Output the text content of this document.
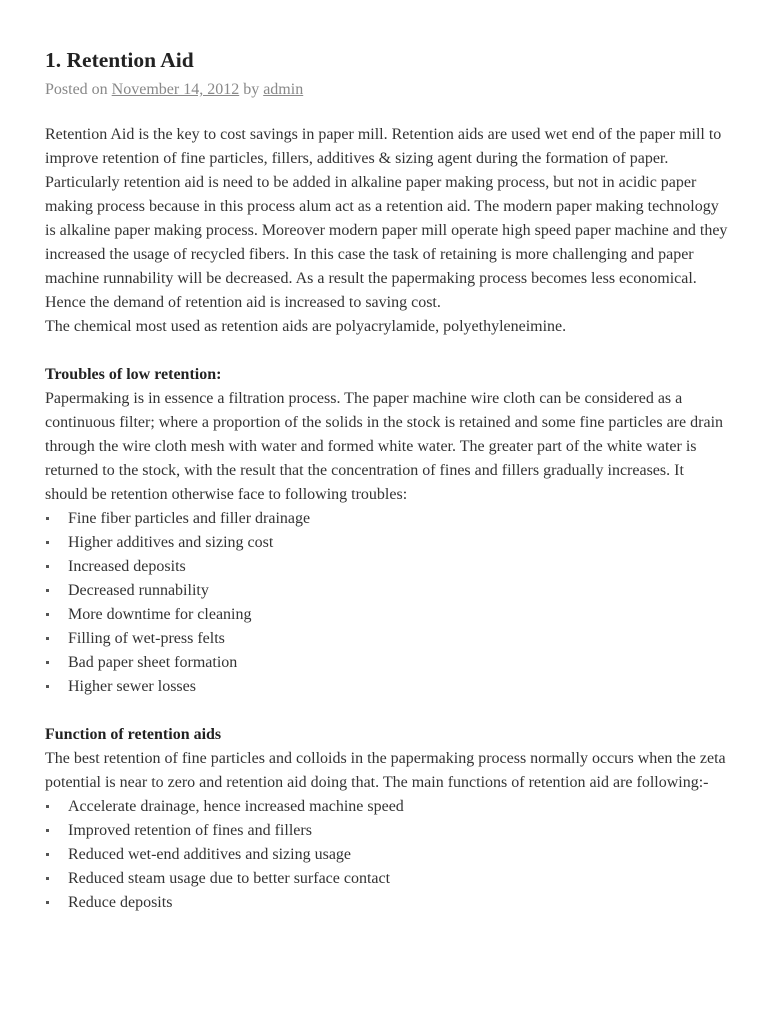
1. Retention Aid
Posted on November 14, 2012 by admin

Retention Aid is the key to cost savings in paper mill. Retention aids are used wet end of the paper mill to improve retention of fine particles, fillers, additives & sizing agent during the formation of paper. Particularly retention aid is need to be added in alkaline paper making process, but not in acidic paper making process because in this process alum act as a retention aid. The modern paper making technology is alkaline paper making process. Moreover modern paper mill operate high speed paper machine and they increased the usage of recycled fibers. In this case the task of retaining is more challenging and paper machine runnability will be decreased. As a result the papermaking process becomes less economical. Hence the demand of retention aid is increased to saving cost.

The chemical most used as retention aids are polyacrylamide, polyethyleneimine.

Troubles of low retention:

Papermaking is in essence a filtration process. The paper machine wire cloth can be considered as a continuous filter; where a proportion of the solids in the stock is retained and some fine particles are drain through the wire cloth mesh with water and formed white water. The greater part of the white water is returned to the stock, with the result that the concentration of fines and fillers gradually increases. It should be retention otherwise face to following troubles:

Fine fiber particles and filler drainage
Higher additives and sizing cost
Increased deposits
Decreased runnability
More downtime for cleaning
Filling of wet-press felts
Bad paper sheet formation
Higher sewer losses
Function of retention aids

The best retention of fine particles and colloids in the papermaking process normally occurs when the zeta potential is near to zero and retention aid doing that. The main functions of retention aid are following:-

Accelerate drainage, hence increased machine speed
Improved retention of fines and fillers
Reduced wet-end additives and sizing usage
Reduced steam usage due to better surface contact
Reduce deposits
